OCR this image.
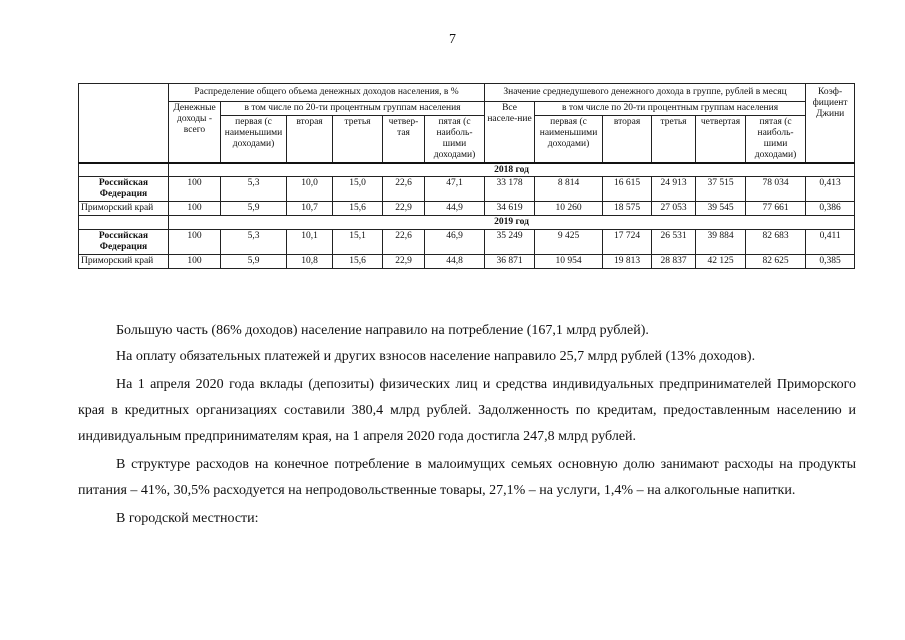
7
	Распределение общего объема денежных доходов населения, в %						Значение среднедушевого денежного дохода в группе, рублей в месяц						Коэф-фициент Джини
	Денежные доходы - всего	в том числе по 20-ти процентным группам населения					Все населе-ние	в том числе по 20-ти процентным группам населения					
		первая (с наименьшими доходами)	вторая	третья	четвер-тая	пятая (с наиболь-шими доходами)		первая (с наименьшими доходами)	вторая	третья	четвертая	пятая (с наиболь-шими доходами)	
	2018 год												
Российская Федерация	100	5,3	10,0	15,0	22,6	47,1	33 178	8 814	16 615	24 913	37 515	78 034	0,413
Приморский край	100	5,9	10,7	15,6	22,9	44,9	34 619	10 260	18 575	27 053	39 545	77 661	0,386
	2019 год												
Российская Федерация	100	5,3	10,1	15,1	22,6	46,9	35 249	9 425	17 724	26 531	39 884	82 683	0,411
Приморский край	100	5,9	10,8	15,6	22,9	44,8	36 871	10 954	19 813	28 837	42 125	82 625	0,385

Большую часть (86% доходов) население направило на потребление (167,1 млрд рублей).

На оплату обязательных платежей и других взносов население направило 25,7 млрд рублей (13% доходов).

На 1 апреля 2020 года вклады (депозиты) физических лиц и средства индивидуальных предпринимателей Приморского края в кредитных организациях составили 380,4 млрд рублей. Задолженность по кредитам, предоставленным населению и индивидуальным предпринимателям края, на 1 апреля 2020 года достигла 247,8 млрд рублей.

В структуре расходов на конечное потребление в малоимущих семьях основную долю занимают расходы на продукты питания – 41%, 30,5% расходуется на непродовольственные товары, 27,1% – на услуги, 1,4% – на алкогольные напитки.

В городской местности:
